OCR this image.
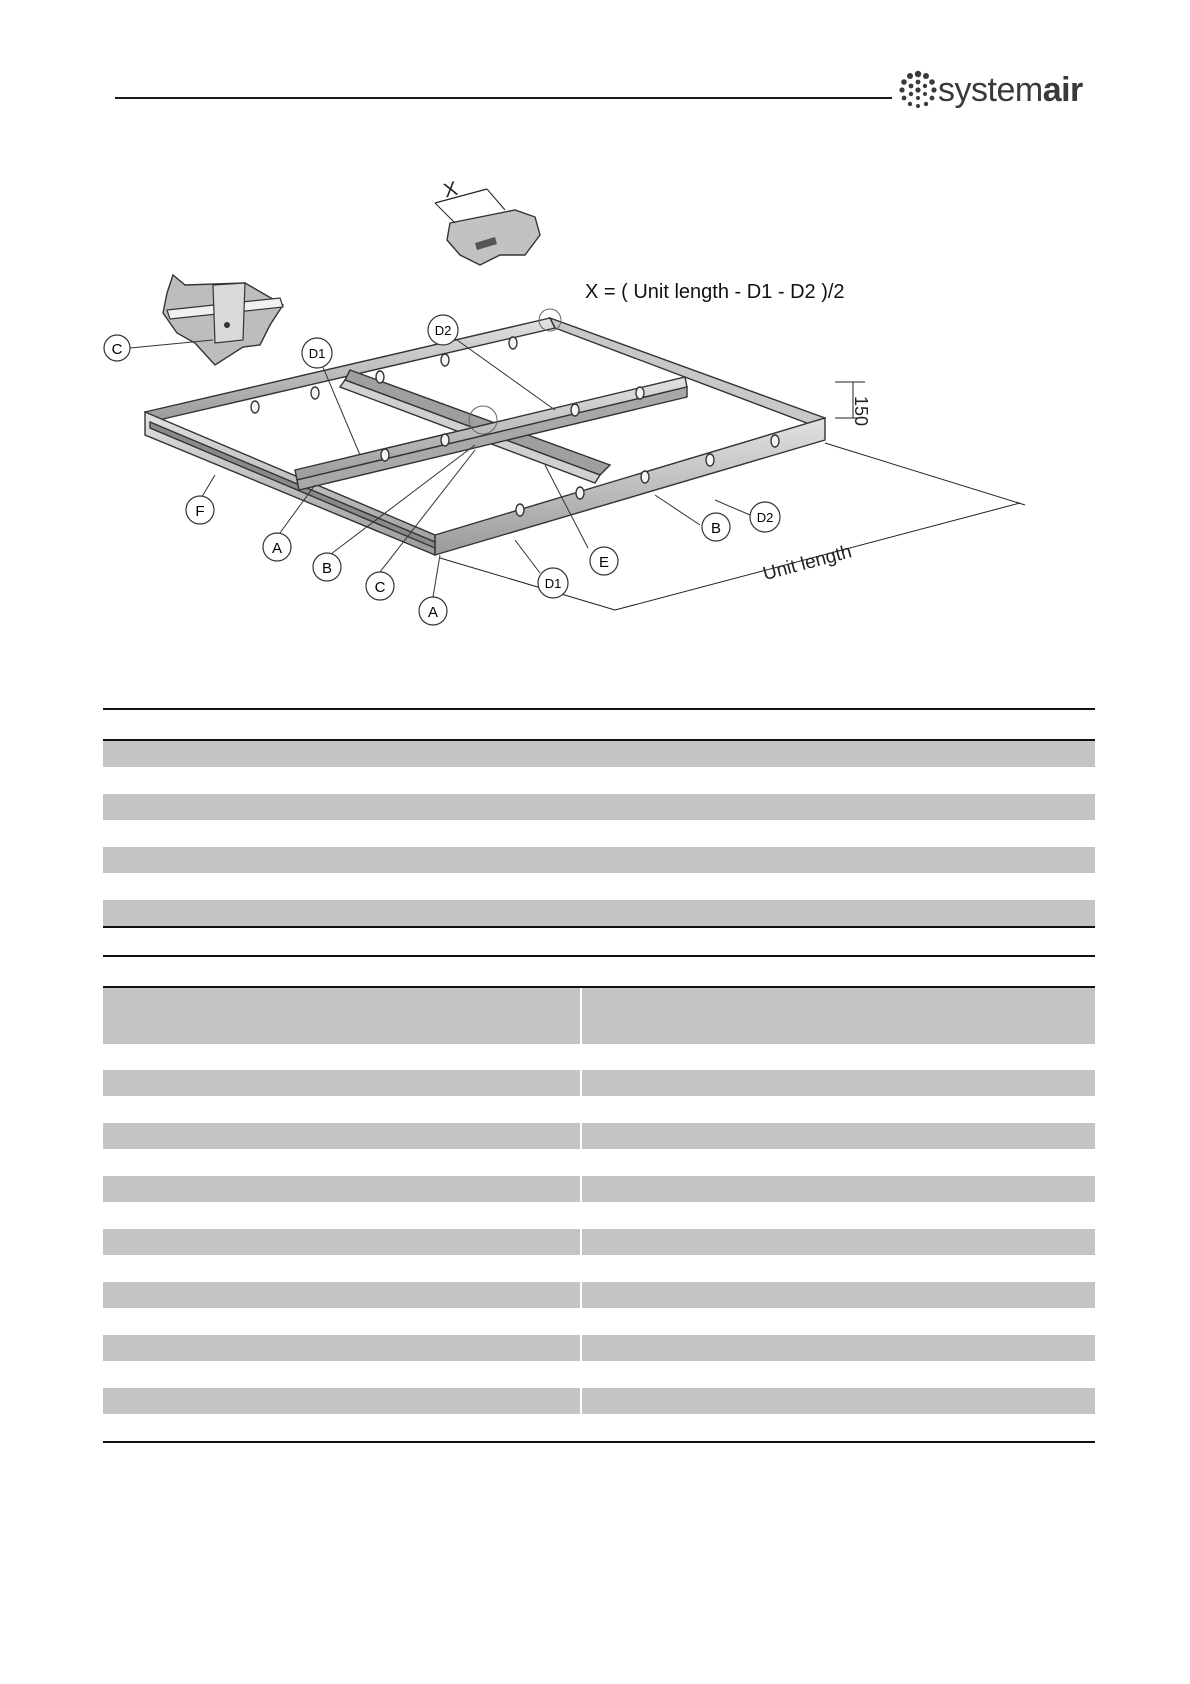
systemair
X
X = ( Unit length - D1 - D2 )/2
150
Unit length
C	D1
D2
F
A
B
C
A
D1
E
B
D2
